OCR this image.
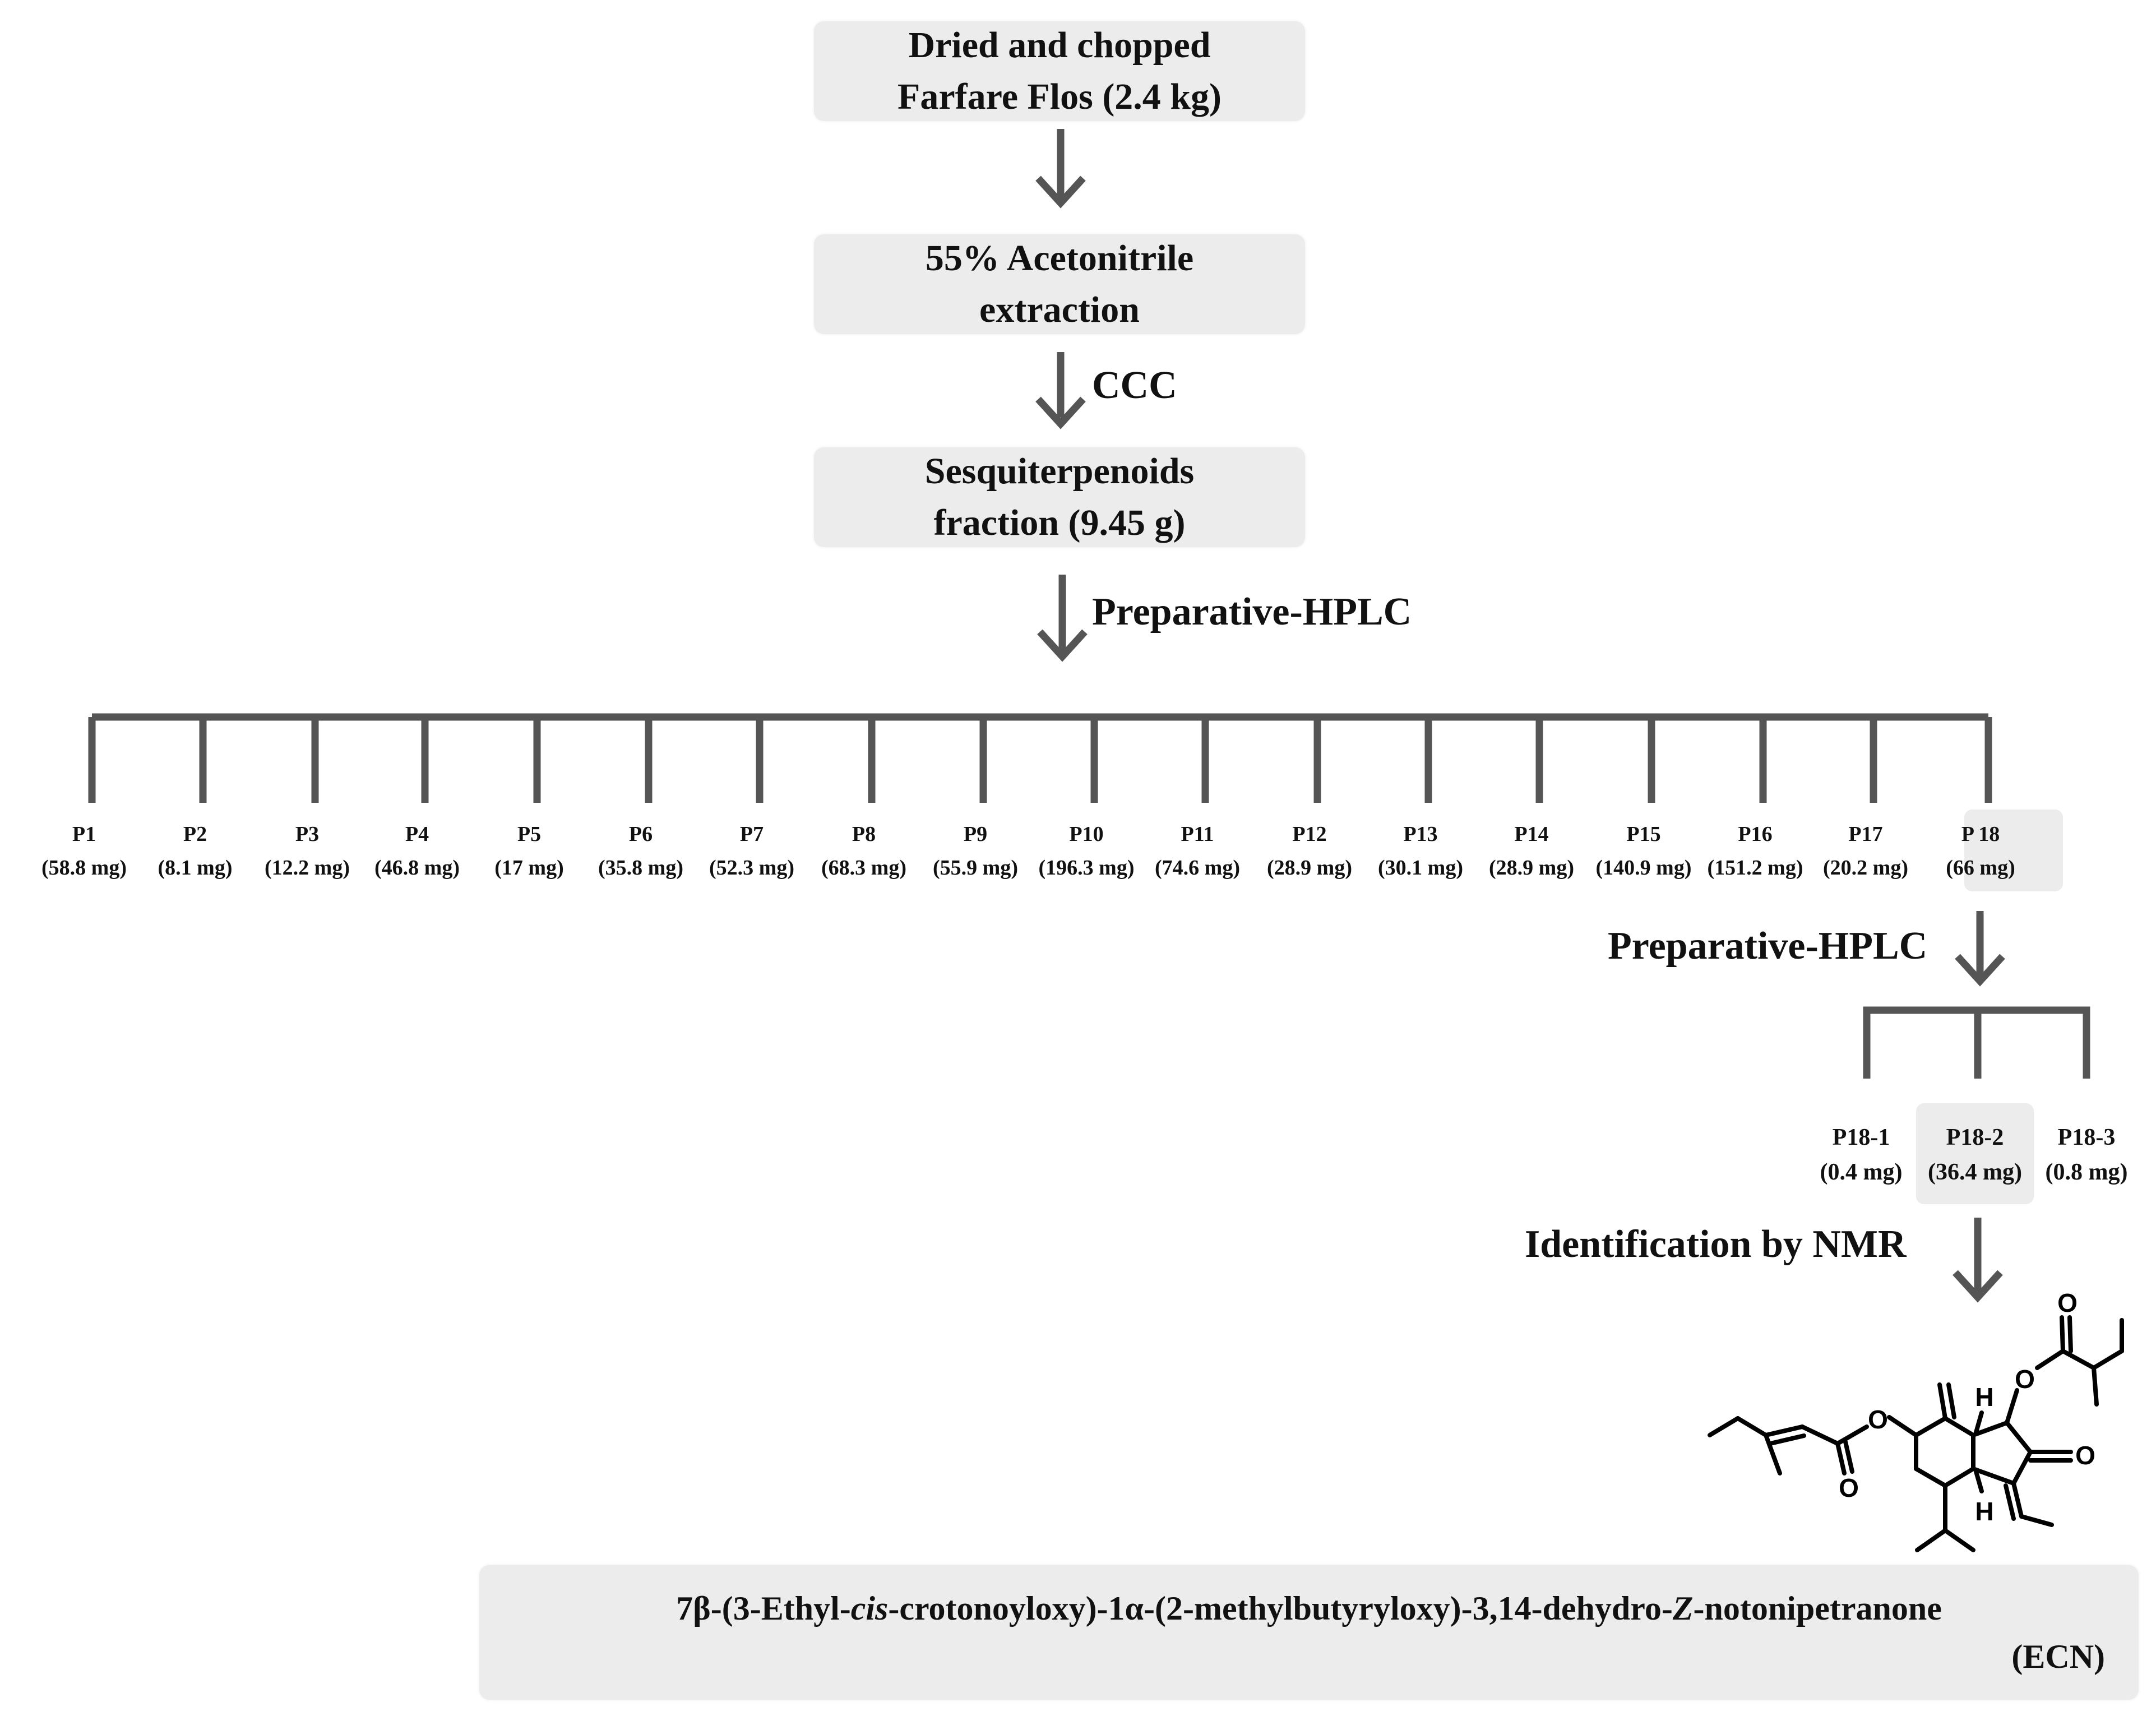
Dried and chopped
Farfare Flos (2.4 kg)
55% Acetonitrile
extraction
Sesquiterpenoids
fraction (9.45 g)
O
O
O
O
O
H
H
CCC
Preparative-HPLC
Preparative-HPLC
Identification by NMR
P1
(58.8 mg)
P2
(8.1 mg)
P3
(12.2 mg)
P4
(46.8 mg)
P5
(17 mg)
P6
(35.8 mg)
P7
(52.3 mg)
P8
(68.3 mg)
P9
(55.9 mg)
P10
(196.3 mg)
P11
(74.6 mg)
P12
(28.9 mg)
P13
(30.1 mg)
P14
(28.9 mg)
P15
(140.9 mg)
P16
(151.2 mg)
P17
(20.2 mg)
P 18
(66 mg)
P18-1
(0.4 mg)
P18-2
(36.4 mg)
P18-3
(0.8 mg)
7β-(3-Ethyl-cis-crotonoyloxy)-1α-(2-methylbutyryloxy)-3,14-dehydro-Z-notonipetranone
(ECN)
